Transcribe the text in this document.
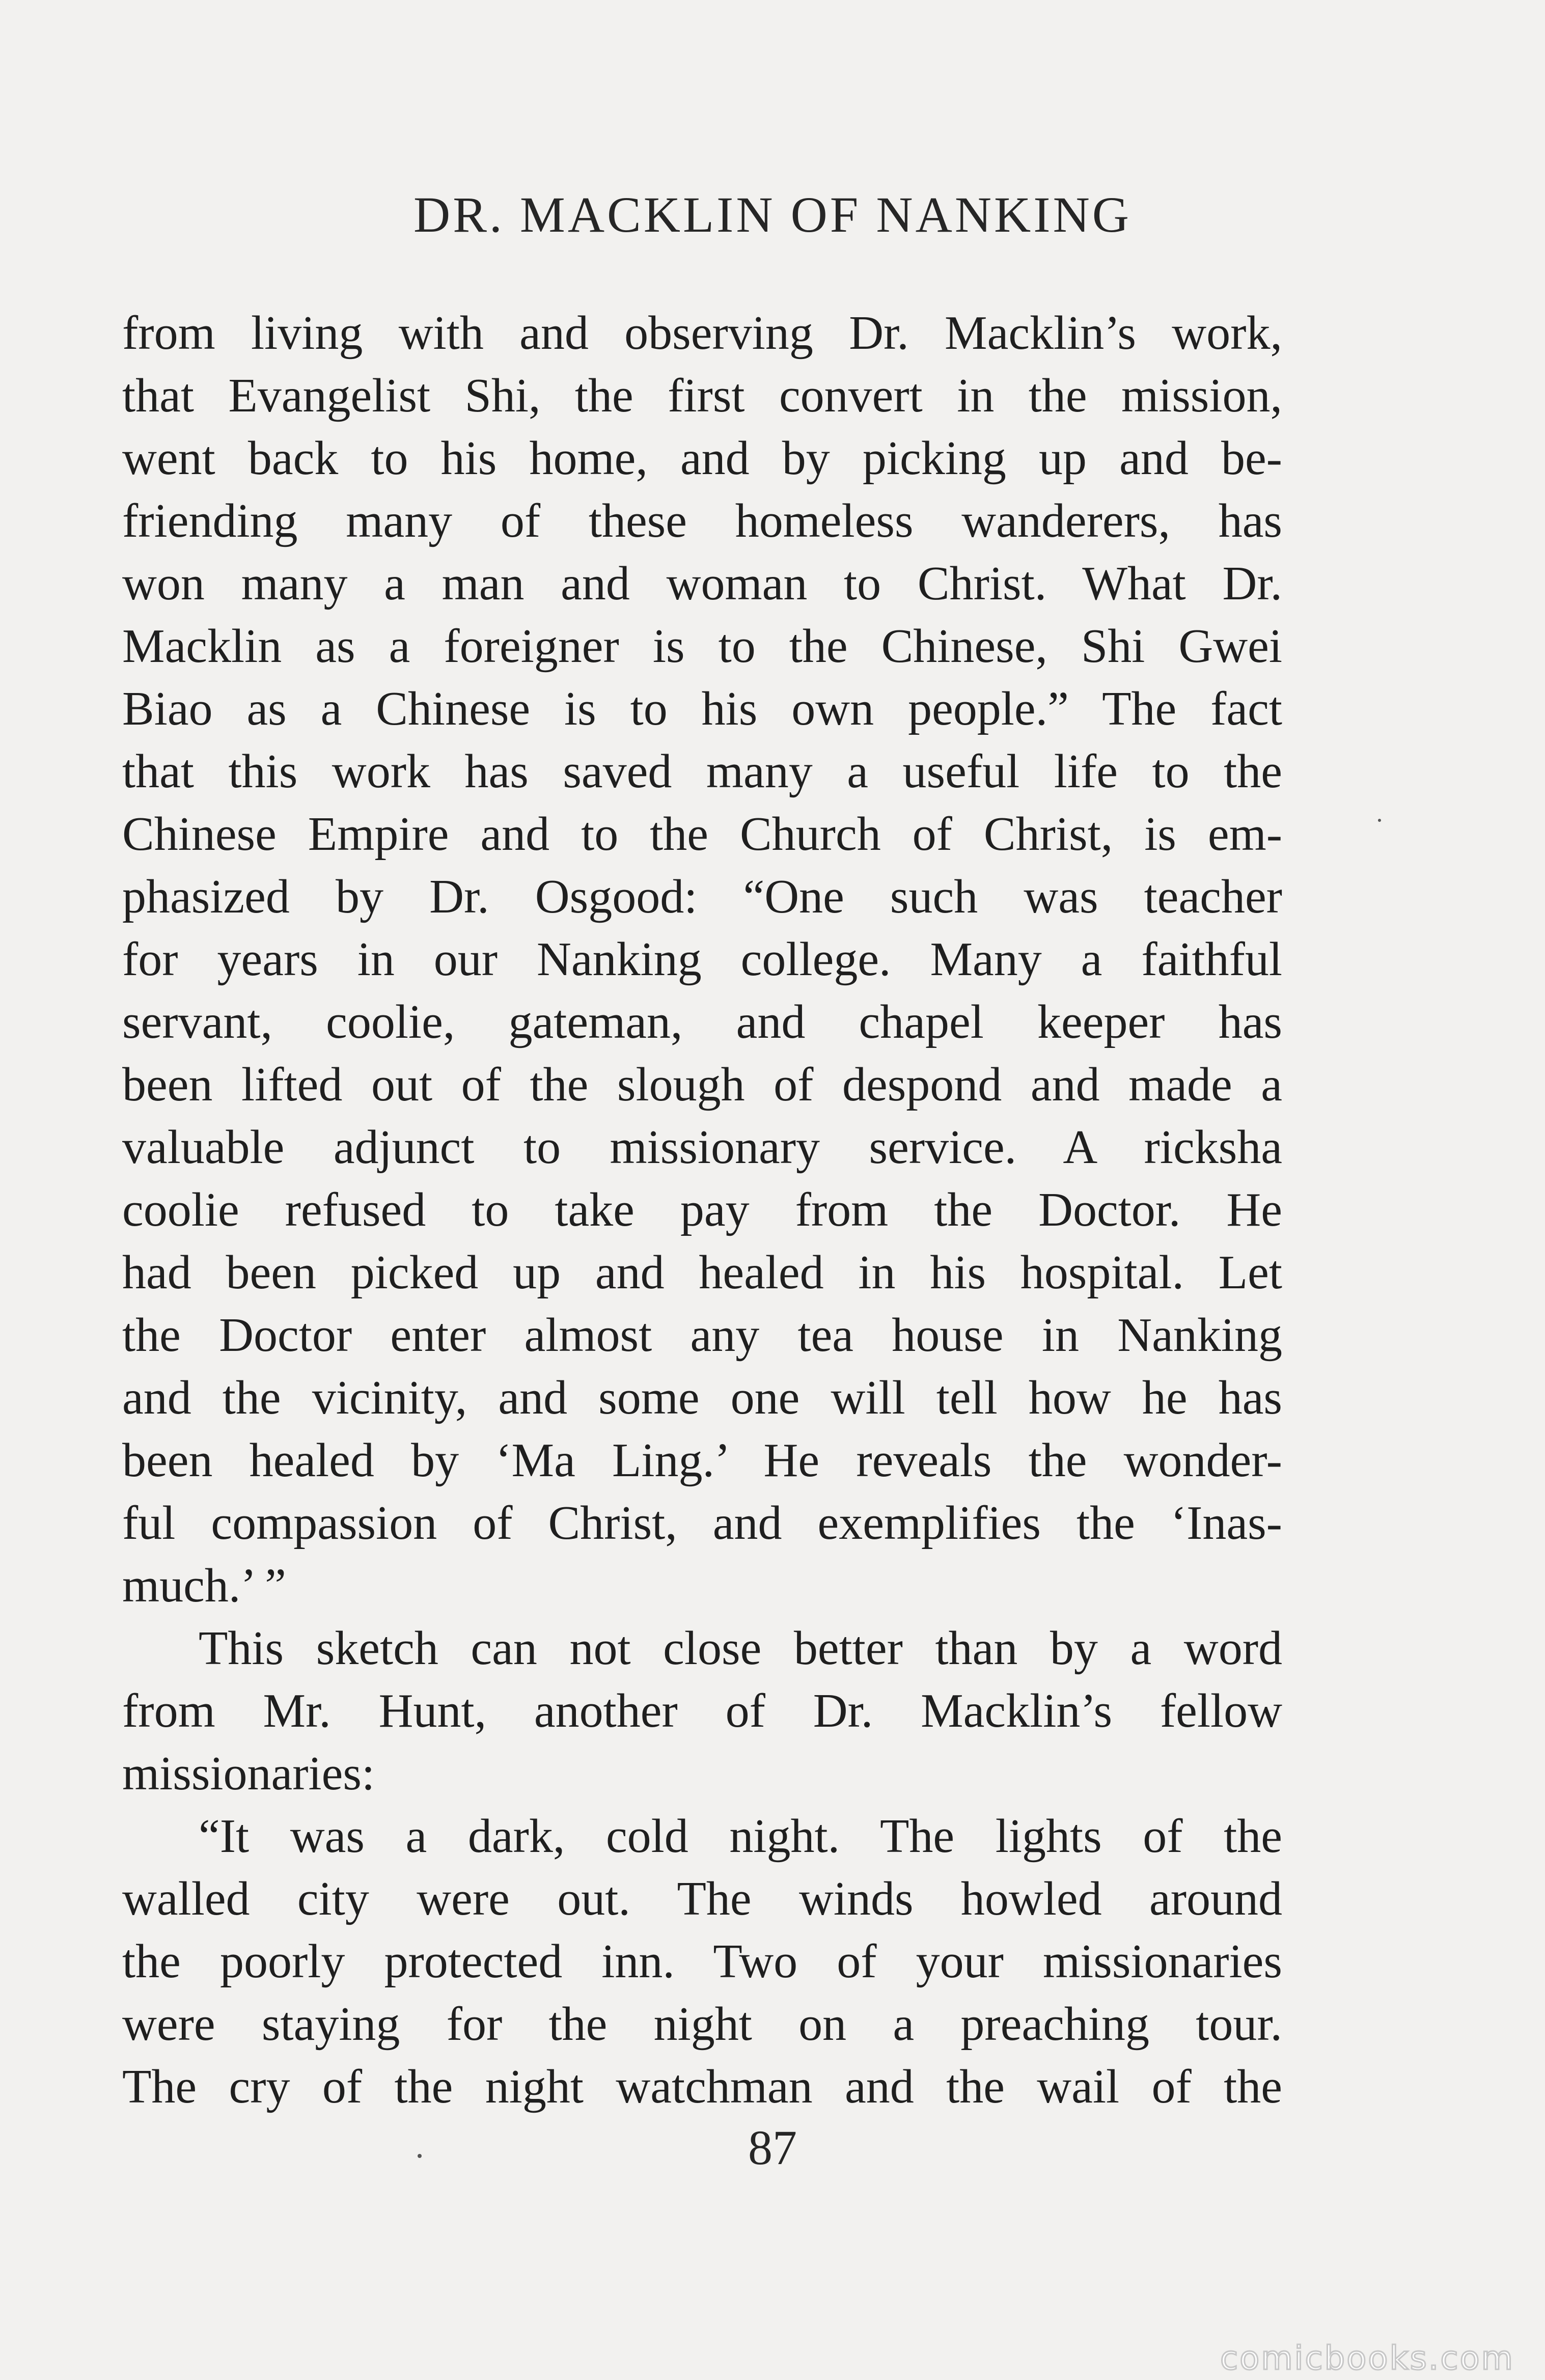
DR. MACKLIN OF NANKING
from living with and observing Dr. Macklin’s work,
that Evangelist Shi, the first convert in the mission,
went back to his home, and by picking up and be-
friending many of these homeless wanderers, has
won many a man and woman to Christ. What Dr.
Macklin as a foreigner is to the Chinese, Shi Gwei
Biao as a Chinese is to his own people.” The fact
that this work has saved many a useful life to the
Chinese Empire and to the Church of Christ, is em-
phasized by Dr. Osgood: “One such was teacher
for years in our Nanking college. Many a faithful
servant, coolie, gateman, and chapel keeper has
been lifted out of the slough of despond and made a
valuable adjunct to missionary service. A ricksha
coolie refused to take pay from the Doctor. He
had been picked up and healed in his hospital. Let
the Doctor enter almost any tea house in Nanking
and the vicinity, and some one will tell how he has
been healed by ‘Ma Ling.’ He reveals the wonder-
ful compassion of Christ, and exemplifies the ‘Inas-
much.’ ”
This sketch can not close better than by a word
from Mr. Hunt, another of Dr. Macklin’s fellow
missionaries:
“It was a dark, cold night. The lights of the
walled city were out. The winds howled around
the poorly protected inn. Two of your missionaries
were staying for the night on a preaching tour.
The cry of the night watchman and the wail of the
87
comicbooks.com
